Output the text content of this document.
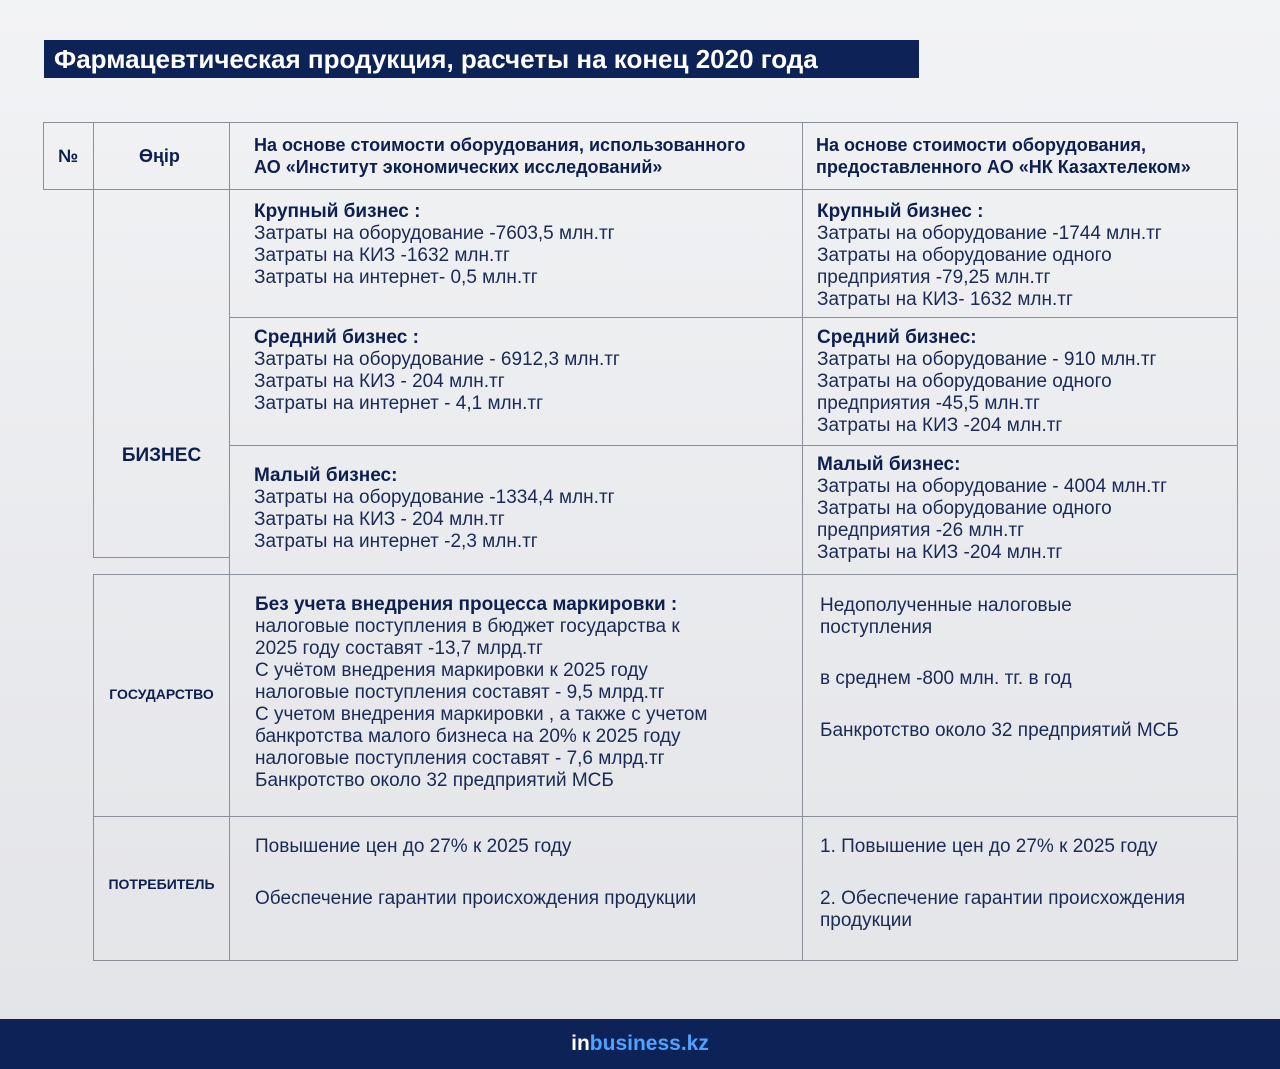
Фармацевтическая продукция, расчеты на конец 2020 года
№	Өңір
На основе стоимости оборудования, использованного
АО «Институт экономических исследований»
На основе стоимости оборудования,
предоставленного АО «НК Казахтелеком»
БИЗНЕС
Крупный бизнес :
Затраты на оборудование -7603,5 млн.тг
Затраты на КИЗ -1632 млн.тг
Затраты на интернет- 0,5 млн.тг
Крупный бизнес :
Затраты на оборудование -1744 млн.тг
Затраты на оборудование одного
предприятия -79,25 млн.тг
Затраты на КИЗ- 1632 млн.тг
Средний бизнес :
Затраты на оборудование - 6912,3 млн.тг
Затраты на КИЗ - 204 млн.тг
Затраты на интернет - 4,1 млн.тг
Средний бизнес:
Затраты на оборудование - 910 млн.тг
Затраты на оборудование одного
предприятия -45,5 млн.тг
Затраты на КИЗ -204 млн.тг
Малый бизнес:
Затраты на оборудование -1334,4 млн.тг
Затраты на КИЗ - 204 млн.тг
Затраты на интернет -2,3 млн.тг
Малый бизнес:
Затраты на оборудование - 4004 млн.тг
Затраты на оборудование одного
предприятия -26 млн.тг
Затраты на КИЗ -204 млн.тг
ГОСУДАРСТВО
Без учета внедрения процесса маркировки :
налоговые поступления в бюджет государства к
2025 году составят -13,7 млрд.тг
С учётом внедрения маркировки к 2025 году
налоговые поступления составят - 9,5 млрд.тг
С учетом внедрения маркировки , а также с учетом
банкротства малого бизнеса на 20% к 2025 году
налоговые поступления составят - 7,6 млрд.тг
Банкротство около 32 предприятий МСБ
Недополученные налоговые
поступления
в среднем -800 млн. тг. в год
Банкротство около 32 предприятий МСБ
ПОТРЕБИТЕЛЬ
Повышение цен до 27% к 2025 году
Обеспечение гарантии происхождения продукции
1. Повышение цен до 27% к 2025 году
2. Обеспечение гарантии происхождения
продукции
inbusiness.kz
